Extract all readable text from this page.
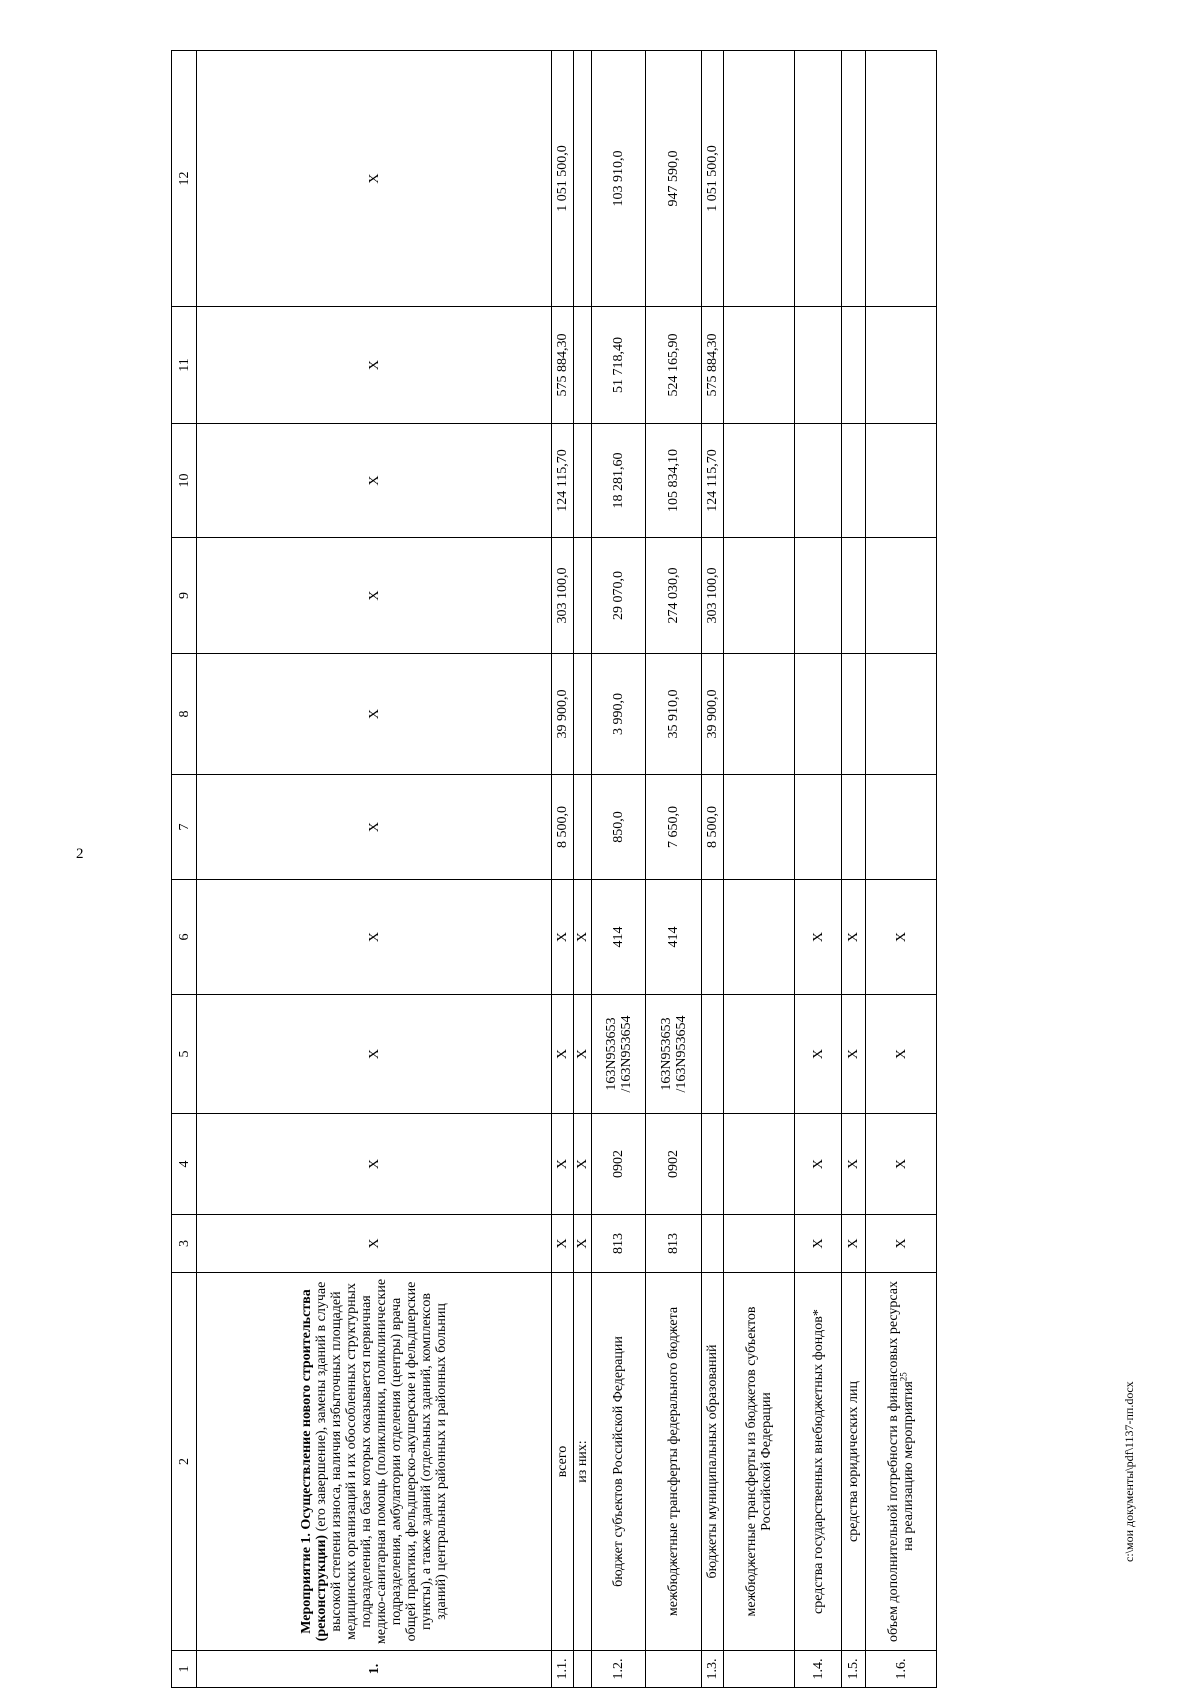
2
c:\мои документы\pdf\1137-пп.docx
1	2	3	4	5	6	7	8	9	10	11	12
1.	Мероприятие 1. Осуществление нового строительства (реконструкции) (его завершение), замены зданий в случае высокой степени износа, наличия избыточных площадей медицинских организаций и их обособленных структурных подразделений, на базе которых оказывается первичная медико-санитарная помощь (поликлиники, поликлинические подразделения, амбулатории отделения (центры) врача общей практики, фельдшерско-акушерские и фельдшерские пункты), а также зданий (отдельных зданий, комплексов зданий) центральных районных и районных больниц	Х	Х	Х	Х	Х	Х	Х	Х	Х	Х
1.1.	всего	Х	Х	Х	Х	8 500,0	39 900,0	303 100,0	124 115,70	575 884,30	1 051 500,0
	из них:	Х	Х	Х	Х						
1.2.	бюджет субъектов Российской Федерации	813	0902	163N953653 /163N953654	414	850,0	3 990,0	29 070,0	18 281,60	51 718,40	103 910,0
	межбюджетные трансферты федерального бюджета	813	0902	163N953653 /163N953654	414	7 650,0	35 910,0	274 030,0	105 834,10	524 165,90	947 590,0
1.3.	бюджеты муниципальных образований					8 500,0	39 900,0	303 100,0	124 115,70	575 884,30	1 051 500,0
	межбюджетные трансферты из бюджетов субъектов Российской Федерации										
1.4.	средства государственных внебюджетных фондов*	Х	Х	Х	Х						
1.5.	средства юридических лиц	Х	Х	Х	Х						
1.6.	объем дополнительной потребности в финансовых ресурсах на реализацию мероприятия$^{25}$	Х	Х	Х	Х						
